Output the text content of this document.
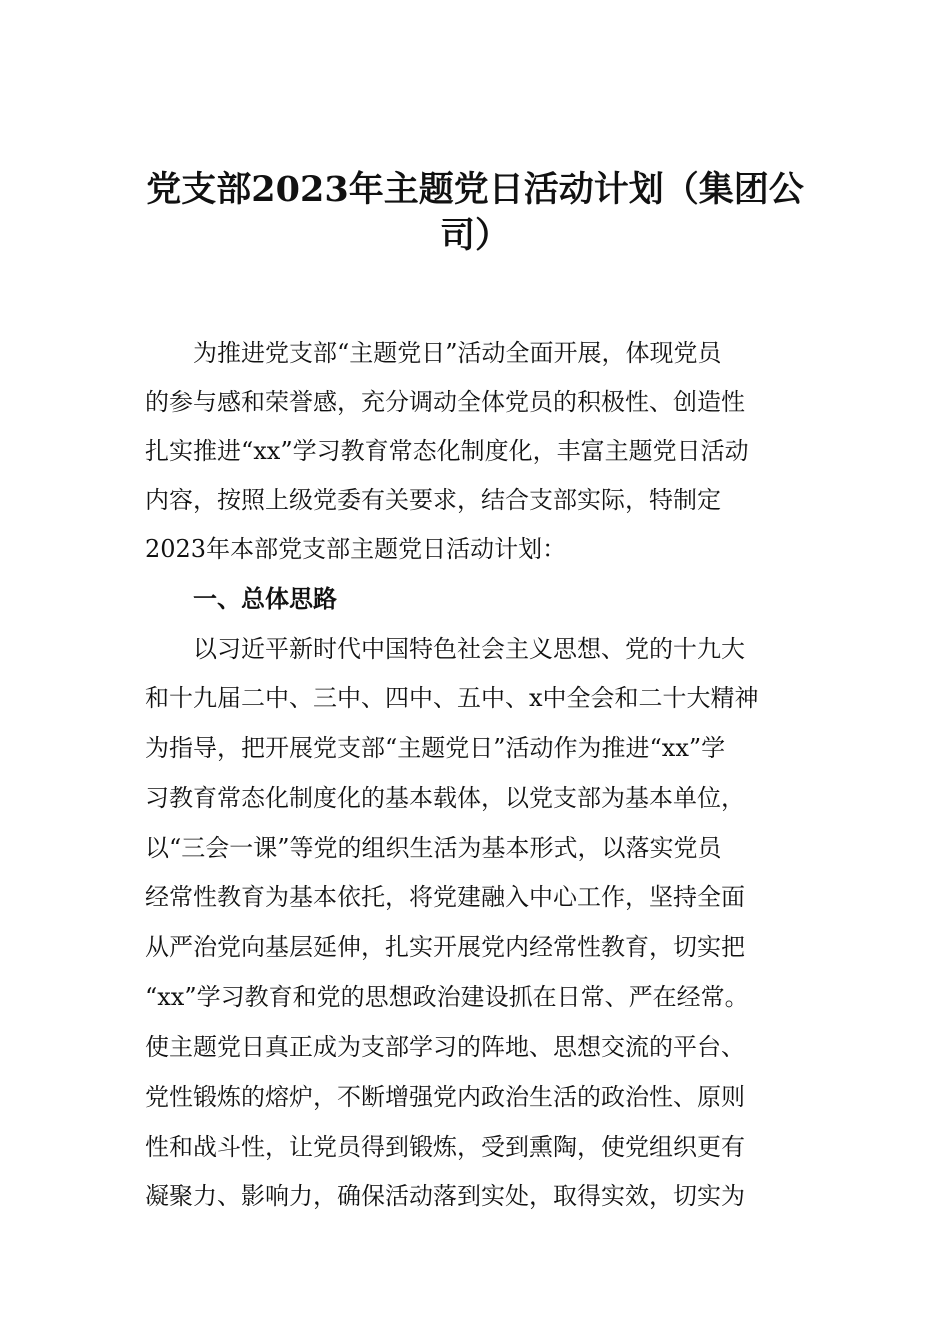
党支部2023年主题党日活动计划（集团公
司）
为推进党支部“主题党日”活动全面开展，体现党员
的参与感和荣誉感，充分调动全体党员的积极性、创造性
扎实推进“xx”学习教育常态化制度化，丰富主题党日活动
内容，按照上级党委有关要求，结合支部实际，特制定
2023年本部党支部主题党日活动计划：
一、总体思路
以习近平新时代中国特色社会主义思想、党的十九大
和十九届二中、三中、四中、五中、x中全会和二十大精神
为指导，把开展党支部“主题党日”活动作为推进“xx”学
习教育常态化制度化的基本载体，以党支部为基本单位，
以“三会一课”等党的组织生活为基本形式，以落实党员
经常性教育为基本依托，将党建融入中心工作，坚持全面
从严治党向基层延伸，扎实开展党内经常性教育，切实把
“xx”学习教育和党的思想政治建设抓在日常、严在经常。
使主题党日真正成为支部学习的阵地、思想交流的平台、
党性锻炼的熔炉，不断增强党内政治生活的政治性、原则
性和战斗性，让党员得到锻炼，受到熏陶，使党组织更有
凝聚力、影响力，确保活动落到实处，取得实效，切实为
